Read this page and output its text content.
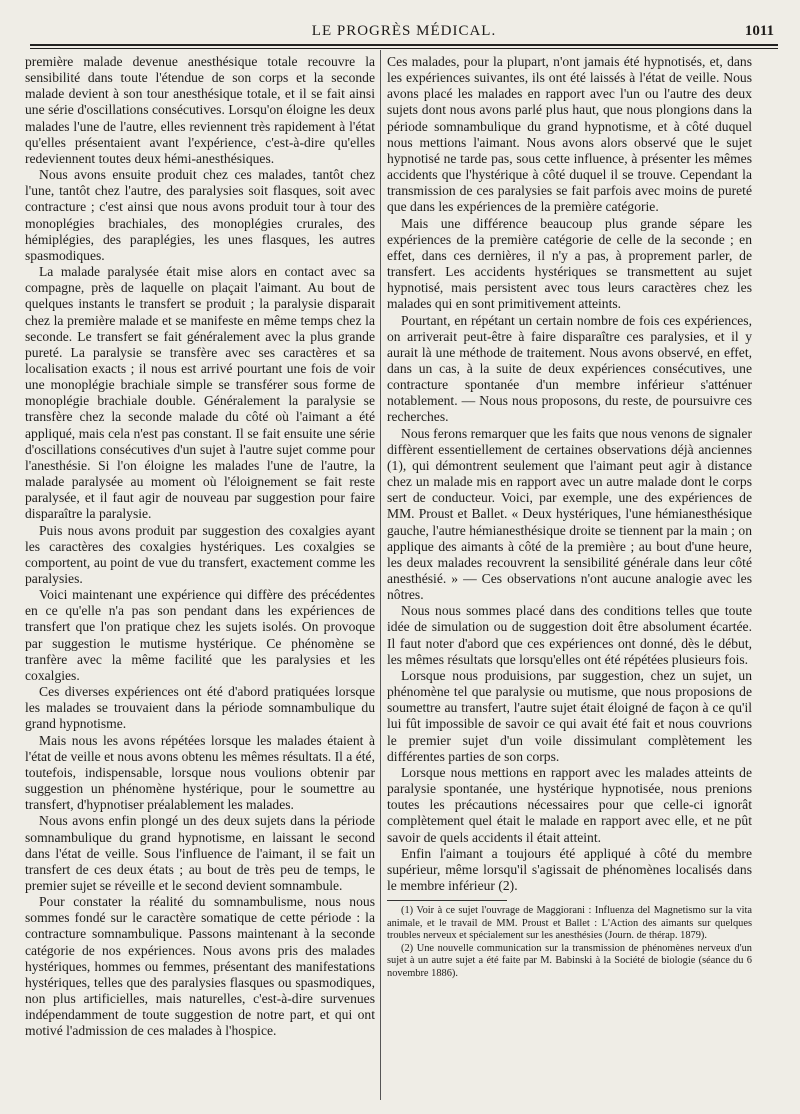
LE PROGRÈS MÉDICAL.	1011

première malade devenue anesthésique totale recouvre la sensibilité dans toute l'étendue de son corps et la seconde malade devient à son tour anesthésique totale, et il se fait ainsi une série d'oscillations consécutives. Lorsqu'on éloigne les deux malades l'une de l'autre, elles reviennent très rapidement à l'état qu'elles présentaient avant l'expérience, c'est-à-dire qu'elles redeviennent toutes deux hémi-anesthésiques.

Nous avons ensuite produit chez ces malades, tantôt chez l'une, tantôt chez l'autre, des paralysies soit flasques, soit avec contracture ; c'est ainsi que nous avons produit tour à tour des monoplégies brachiales, des monoplégies crurales, des hémiplégies, des paraplégies, les unes flasques, les autres spasmodiques.

La malade paralysée était mise alors en contact avec sa compagne, près de laquelle on plaçait l'aimant. Au bout de quelques instants le transfert se produit ; la paralysie disparait chez la première malade et se manifeste en même temps chez la seconde. Le transfert se fait généralement avec la plus grande pureté. La paralysie se transfère avec ses caractères et sa localisation exacts ; il nous est arrivé pourtant une fois de voir une monoplégie brachiale simple se transférer sous forme de monoplégie brachiale double. Généralement la paralysie se transfère chez la seconde malade du côté où l'aimant a été appliqué, mais cela n'est pas constant. Il se fait ensuite une série d'oscillations consécutives d'un sujet à l'autre sujet comme pour l'anesthésie. Si l'on éloigne les malades l'une de l'autre, la malade paralysée au moment où l'éloignement se fait reste paralysée, et il faut agir de nouveau par suggestion pour faire disparaître la paralysie.

Puis nous avons produit par suggestion des coxalgies ayant les caractères des coxalgies hystériques. Les coxalgies se comportent, au point de vue du transfert, exactement comme les paralysies.

Voici maintenant une expérience qui diffère des précédentes en ce qu'elle n'a pas son pendant dans les expériences de transfert que l'on pratique chez les sujets isolés. On provoque par suggestion le mutisme hystérique. Ce phénomène se tranfère avec la même facilité que les paralysies et les coxalgies.

Ces diverses expériences ont été d'abord pratiquées lorsque les malades se trouvaient dans la période somnambulique du grand hypnotisme.

Mais nous les avons répétées lorsque les malades étaient à l'état de veille et nous avons obtenu les mêmes résultats. Il a été, toutefois, indispensable, lorsque nous voulions obtenir par suggestion un phénomène hystérique, pour le soumettre au transfert, d'hypnotiser préalablement les malades.

Nous avons enfin plongé un des deux sujets dans la période somnambulique du grand hypnotisme, en laissant le second dans l'état de veille. Sous l'influence de l'aimant, il se fait un transfert de ces deux états ; au bout de très peu de temps, le premier sujet se réveille et le second devient somnambule.

Pour constater la réalité du somnambulisme, nous nous sommes fondé sur le caractère somatique de cette période : la contracture somnambulique. Passons maintenant à la seconde catégorie de nos expériences. Nous avons pris des malades hystériques, hommes ou femmes, présentant des manifestations hystériques, telles que des paralysies flasques ou spasmodiques, non plus artificielles, mais naturelles, c'est-à-dire survenues indépendamment de toute suggestion de notre part, et qui ont motivé l'admission de ces malades à l'hospice.

Ces malades, pour la plupart, n'ont jamais été hypnotisés, et, dans les expériences suivantes, ils ont été laissés à l'état de veille. Nous avons placé les malades en rapport avec l'un ou l'autre des deux sujets dont nous avons parlé plus haut, que nous plongions dans la période somnambulique du grand hypnotisme, et à côté duquel nous mettions l'aimant. Nous avons alors observé que le sujet hypnotisé ne tarde pas, sous cette influence, à présenter les mêmes accidents que l'hystérique à côté duquel il se trouve. Cependant la transmission de ces paralysies se fait parfois avec moins de pureté que dans les expériences de la première catégorie.

Mais une différence beaucoup plus grande sépare les expériences de la première catégorie de celle de la seconde ; en effet, dans ces dernières, il n'y a pas, à proprement parler, de transfert. Les accidents hystériques se transmettent au sujet hypnotisé, mais persistent avec tous leurs caractères chez les malades qui en sont primitivement atteints.

Pourtant, en répétant un certain nombre de fois ces expériences, on arriverait peut-être à faire disparaître ces paralysies, et il y aurait là une méthode de traitement. Nous avons observé, en effet, dans un cas, à la suite de deux expériences consécutives, une contracture spontanée d'un membre inférieur s'atténuer notablement. — Nous nous proposons, du reste, de poursuivre ces recherches.

Nous ferons remarquer que les faits que nous venons de signaler diffèrent essentiellement de certaines observations déjà anciennes (1), qui démontrent seulement que l'aimant peut agir à distance chez un malade mis en rapport avec un autre malade dont le corps sert de conducteur. Voici, par exemple, une des expériences de MM. Proust et Ballet. « Deux hystériques, l'une hémianesthésique gauche, l'autre hémianesthésique droite se tiennent par la main ; on applique des aimants à côté de la première ; au bout d'une heure, les deux malades recouvrent la sensibilité générale dans leur côté anesthésié. » — Ces observations n'ont aucune analogie avec les nôtres.

Nous nous sommes placé dans des conditions telles que toute idée de simulation ou de suggestion doit être absolument écartée. Il faut noter d'abord que ces expériences ont donné, dès le début, les mêmes résultats que lorsqu'elles ont été répétées plusieurs fois.

Lorsque nous produisions, par suggestion, chez un sujet, un phénomène tel que paralysie ou mutisme, que nous proposions de soumettre au transfert, l'autre sujet était éloigné de façon à ce qu'il lui fût impossible de savoir ce qui avait été fait et nous couvrions le premier sujet d'un voile dissimulant complètement les différentes parties de son corps.

Lorsque nous mettions en rapport avec les malades atteints de paralysie spontanée, une hystérique hypnotisée, nous prenions toutes les précautions nécessaires pour que celle-ci ignorât complètement quel était le malade en rapport avec elle, et ne pût savoir de quels accidents il était atteint.

Enfin l'aimant a toujours été appliqué à côté du membre supérieur, même lorsqu'il s'agissait de phénomènes localisés dans le membre inférieur (2).

(1) Voir à ce sujet l'ouvrage de Maggiorani : Influenza del Magnetismo sur la vita animale, et le travail de MM. Proust et Ballet : L'Action des aimants sur quelques troubles nerveux et spécialement sur les anesthésies (Journ. de thérap. 1879).

(2) Une nouvelle communication sur la transmission de phénomènes nerveux d'un sujet à un autre sujet a été faite par M. Babinski à la Société de biologie (séance du 6 novembre 1886).
